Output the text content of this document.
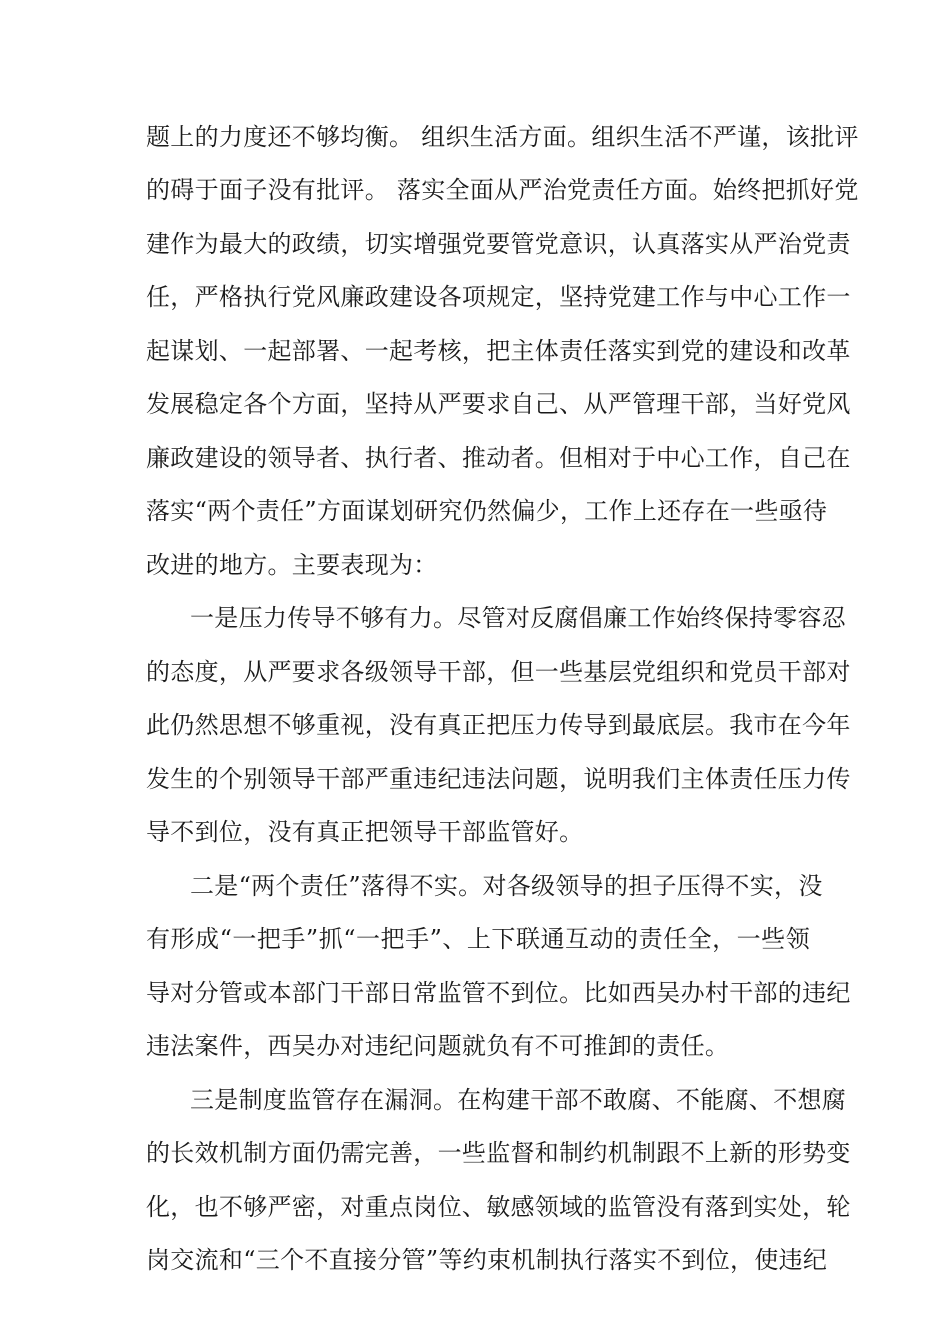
题上的力度还不够均衡。 组织生活方面。组织生活不严谨，该批评
的碍于面子没有批评。 落实全面从严治党责任方面。始终把抓好党
建作为最大的政绩，切实增强党要管党意识，认真落实从严治党责
任，严格执行党风廉政建设各项规定，坚持党建工作与中心工作一
起谋划、一起部署、一起考核，把主体责任落实到党的建设和改革
发展稳定各个方面，坚持从严要求自己、从严管理干部，当好党风
廉政建设的领导者、执行者、推动者。但相对于中心工作，自己在
落实“两个责任”方面谋划研究仍然偏少，工作上还存在一些亟待
改进的地方。主要表现为：
一是压力传导不够有力。尽管对反腐倡廉工作始终保持零容忍
的态度，从严要求各级领导干部，但一些基层党组织和党员干部对
此仍然思想不够重视，没有真正把压力传导到最底层。我市在今年
发生的个别领导干部严重违纪违法问题，说明我们主体责任压力传
导不到位，没有真正把领导干部监管好。
二是“两个责任”落得不实。对各级领导的担子压得不实，没
有形成“一把手”抓“一把手”、上下联通互动的责任全，一些领
导对分管或本部门干部日常监管不到位。比如西吴办村干部的违纪
违法案件，西吴办对违纪问题就负有不可推卸的责任。
三是制度监管存在漏洞。在构建干部不敢腐、不能腐、不想腐
的长效机制方面仍需完善，一些监督和制约机制跟不上新的形势变
化，也不够严密，对重点岗位、敏感领域的监管没有落到实处，轮
岗交流和“三个不直接分管”等约束机制执行落实不到位，使违纪
